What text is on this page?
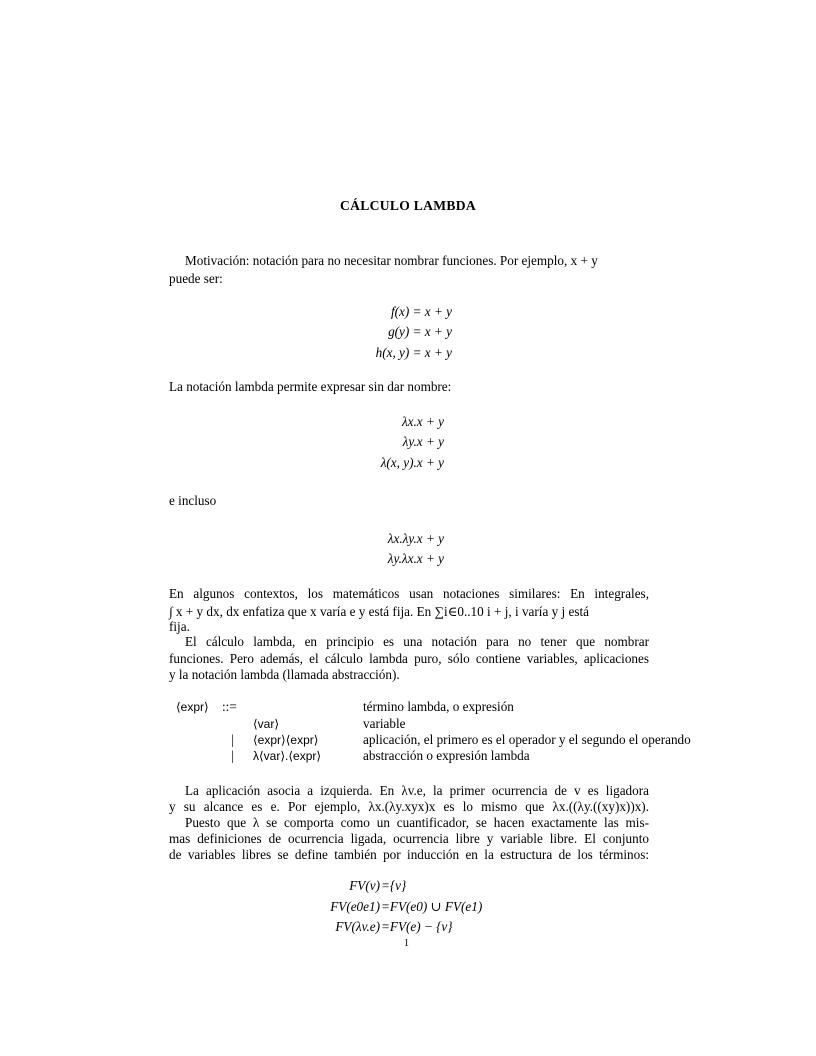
CÁLCULO LAMBDA
Motivación: notación para no necesitar nombrar funciones. Por ejemplo, x + y
puede ser:
f(x) = x + y
g(y) = x + y
h(x, y) = x + y
La notación lambda permite expresar sin dar nombre:
λx.x + y
λy.x + y
λ(x, y).x + y
e incluso
λx.λy.x + y
λy.λx.x + y
En algunos contextos, los matemáticos usan notaciones similares: En integrales,
∫ x + y dx, dx enfatiza que x varía e y está fija. En ∑i∈0..10 i + j, i varía y j está
fija.
El cálculo lambda, en principio es una notación para no tener que nombrar
funciones. Pero además, el cálculo lambda puro, sólo contiene variables, aplicaciones
y la notación lambda (llamada abstracción).
⟨expr⟩ ::=	término lambda, o expresión
⟨var⟩	variable
| ⟨expr⟩⟨expr⟩	aplicación, el primero es el operador y el segundo el operando
| λ⟨var⟩.⟨expr⟩	abstracción o expresión lambda
La aplicación asocia a izquierda. En λv.e, la primer ocurrencia de v es ligadora
y su alcance es e. Por ejemplo, λx.(λy.xyx)x es lo mismo que λx.((λy.((xy)x))x).
Puesto que λ se comporta como un cuantificador, se hacen exactamente las mis-
mas definiciones de ocurrencia ligada, ocurrencia libre y variable libre. El conjunto
de variables libres se define también por inducción en la estructura de los términos:
FV(v) ={v}
FV(e0e1) =FV(e0) ∪ FV(e1)
FV(λv.e) =FV(e) − {v}
1
